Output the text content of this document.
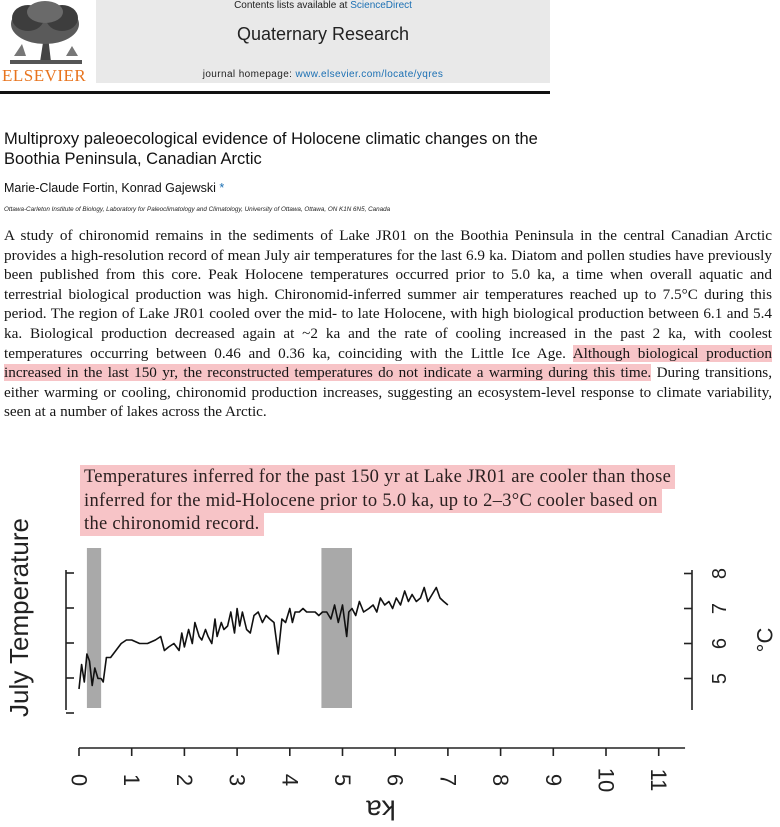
ELSEVIER
Contents lists available at ScienceDirect
Quaternary Research
journal homepage: www.elsevier.com/locate/yqres
Multiproxy paleoecological evidence of Holocene climatic changes on the Boothia Peninsula, Canadian Arctic
Marie-Claude Fortin, Konrad Gajewski *
Ottawa-Carleton Institute of Biology, Laboratory for Paleoclimatology and Climatology, University of Ottawa, Ottawa, ON K1N 6N5, Canada
A study of chironomid remains in the sediments of Lake JR01 on the Boothia Peninsula in the central Canadian Arctic provides a high-resolution record of mean July air temperatures for the last 6.9 ka. Diatom and pollen studies have previously been published from this core. Peak Holocene temperatures occurred prior to 5.0 ka, a time when overall aquatic and terrestrial biological production was high. Chironomid-inferred summer air temperatures reached up to 7.5°C during this period. The region of Lake JR01 cooled over the mid- to late Holocene, with high biological production between 6.1 and 5.4 ka. Biological production decreased again at ~2 ka and the rate of cooling increased in the past 2 ka, with coolest temperatures occurring between 0.46 and 0.36 ka, coinciding with the Little Ice Age. Although biological production increased in the last 150 yr, the reconstructed temperatures do not indicate a warming during this time. During transitions, either warming or cooling, chironomid production increases, suggesting an ecosystem-level response to climate variability, seen at a number of lakes across the Arctic.
Temperatures inferred for the past 150 yr at Lake JR01 are cooler than those inferred for the mid-Holocene prior to 5.0 ka, up to 2–3°C cooler based on the chironomid record.
July Temperature	5
6
7
8
°C
0 1 2 3 4 5 6 7 8 9 10 11
ka
